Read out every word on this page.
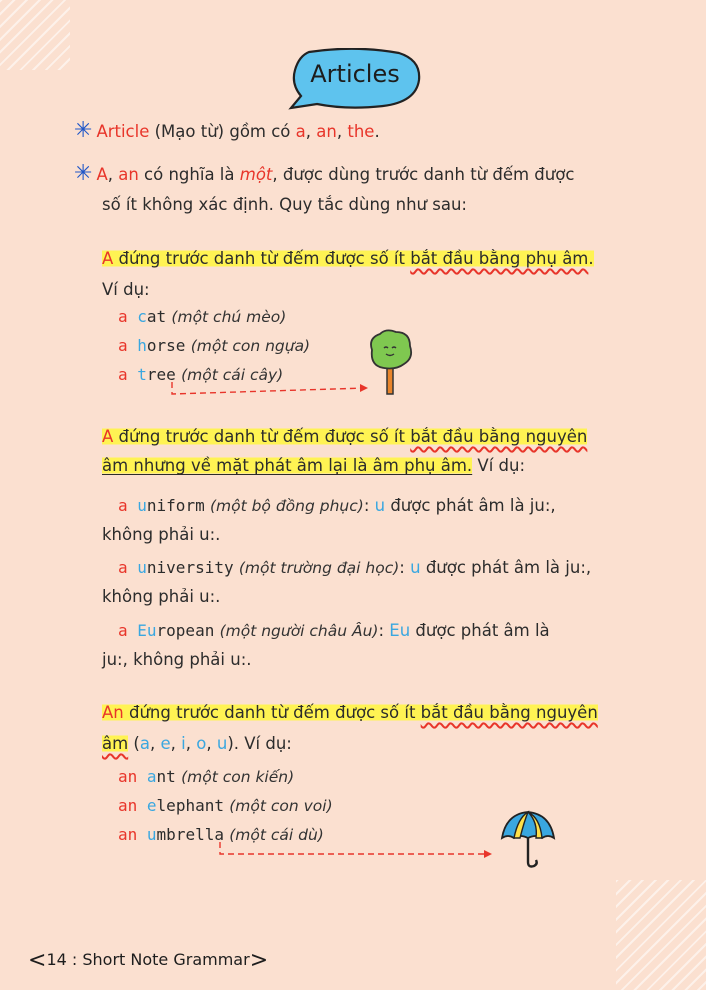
Articles
✳ Article (Mạo từ) gồm có a, an, the.
✳ A, an có nghĩa là một, được dùng trước danh từ đếm được
số ít không xác định. Quy tắc dùng như sau:
A đứng trước danh từ đếm được số ít bắt đầu bằng phụ âm.
Ví dụ:
a cat (một chú mèo)
a horse (một con ngựa)
a tree (một cái cây)
A đứng trước danh từ đếm được số ít bắt đầu bằng nguyên
âm nhưng về mặt phát âm lại là âm phụ âm. Ví dụ:
a uniform (một bộ đồng phục): u được phát âm là ju:,
không phải u:.
a university (một trường đại học): u được phát âm là ju:,
không phải u:.
a European (một người châu Âu): Eu được phát âm là
ju:, không phải u:.
An đứng trước danh từ đếm được số ít bắt đầu bằng nguyên
âm (a, e, i, o, u). Ví dụ:
an ant (một con kiến)
an elephant (một con voi)
an umbrella (một cái dù)
<14 : Short Note Grammar>
